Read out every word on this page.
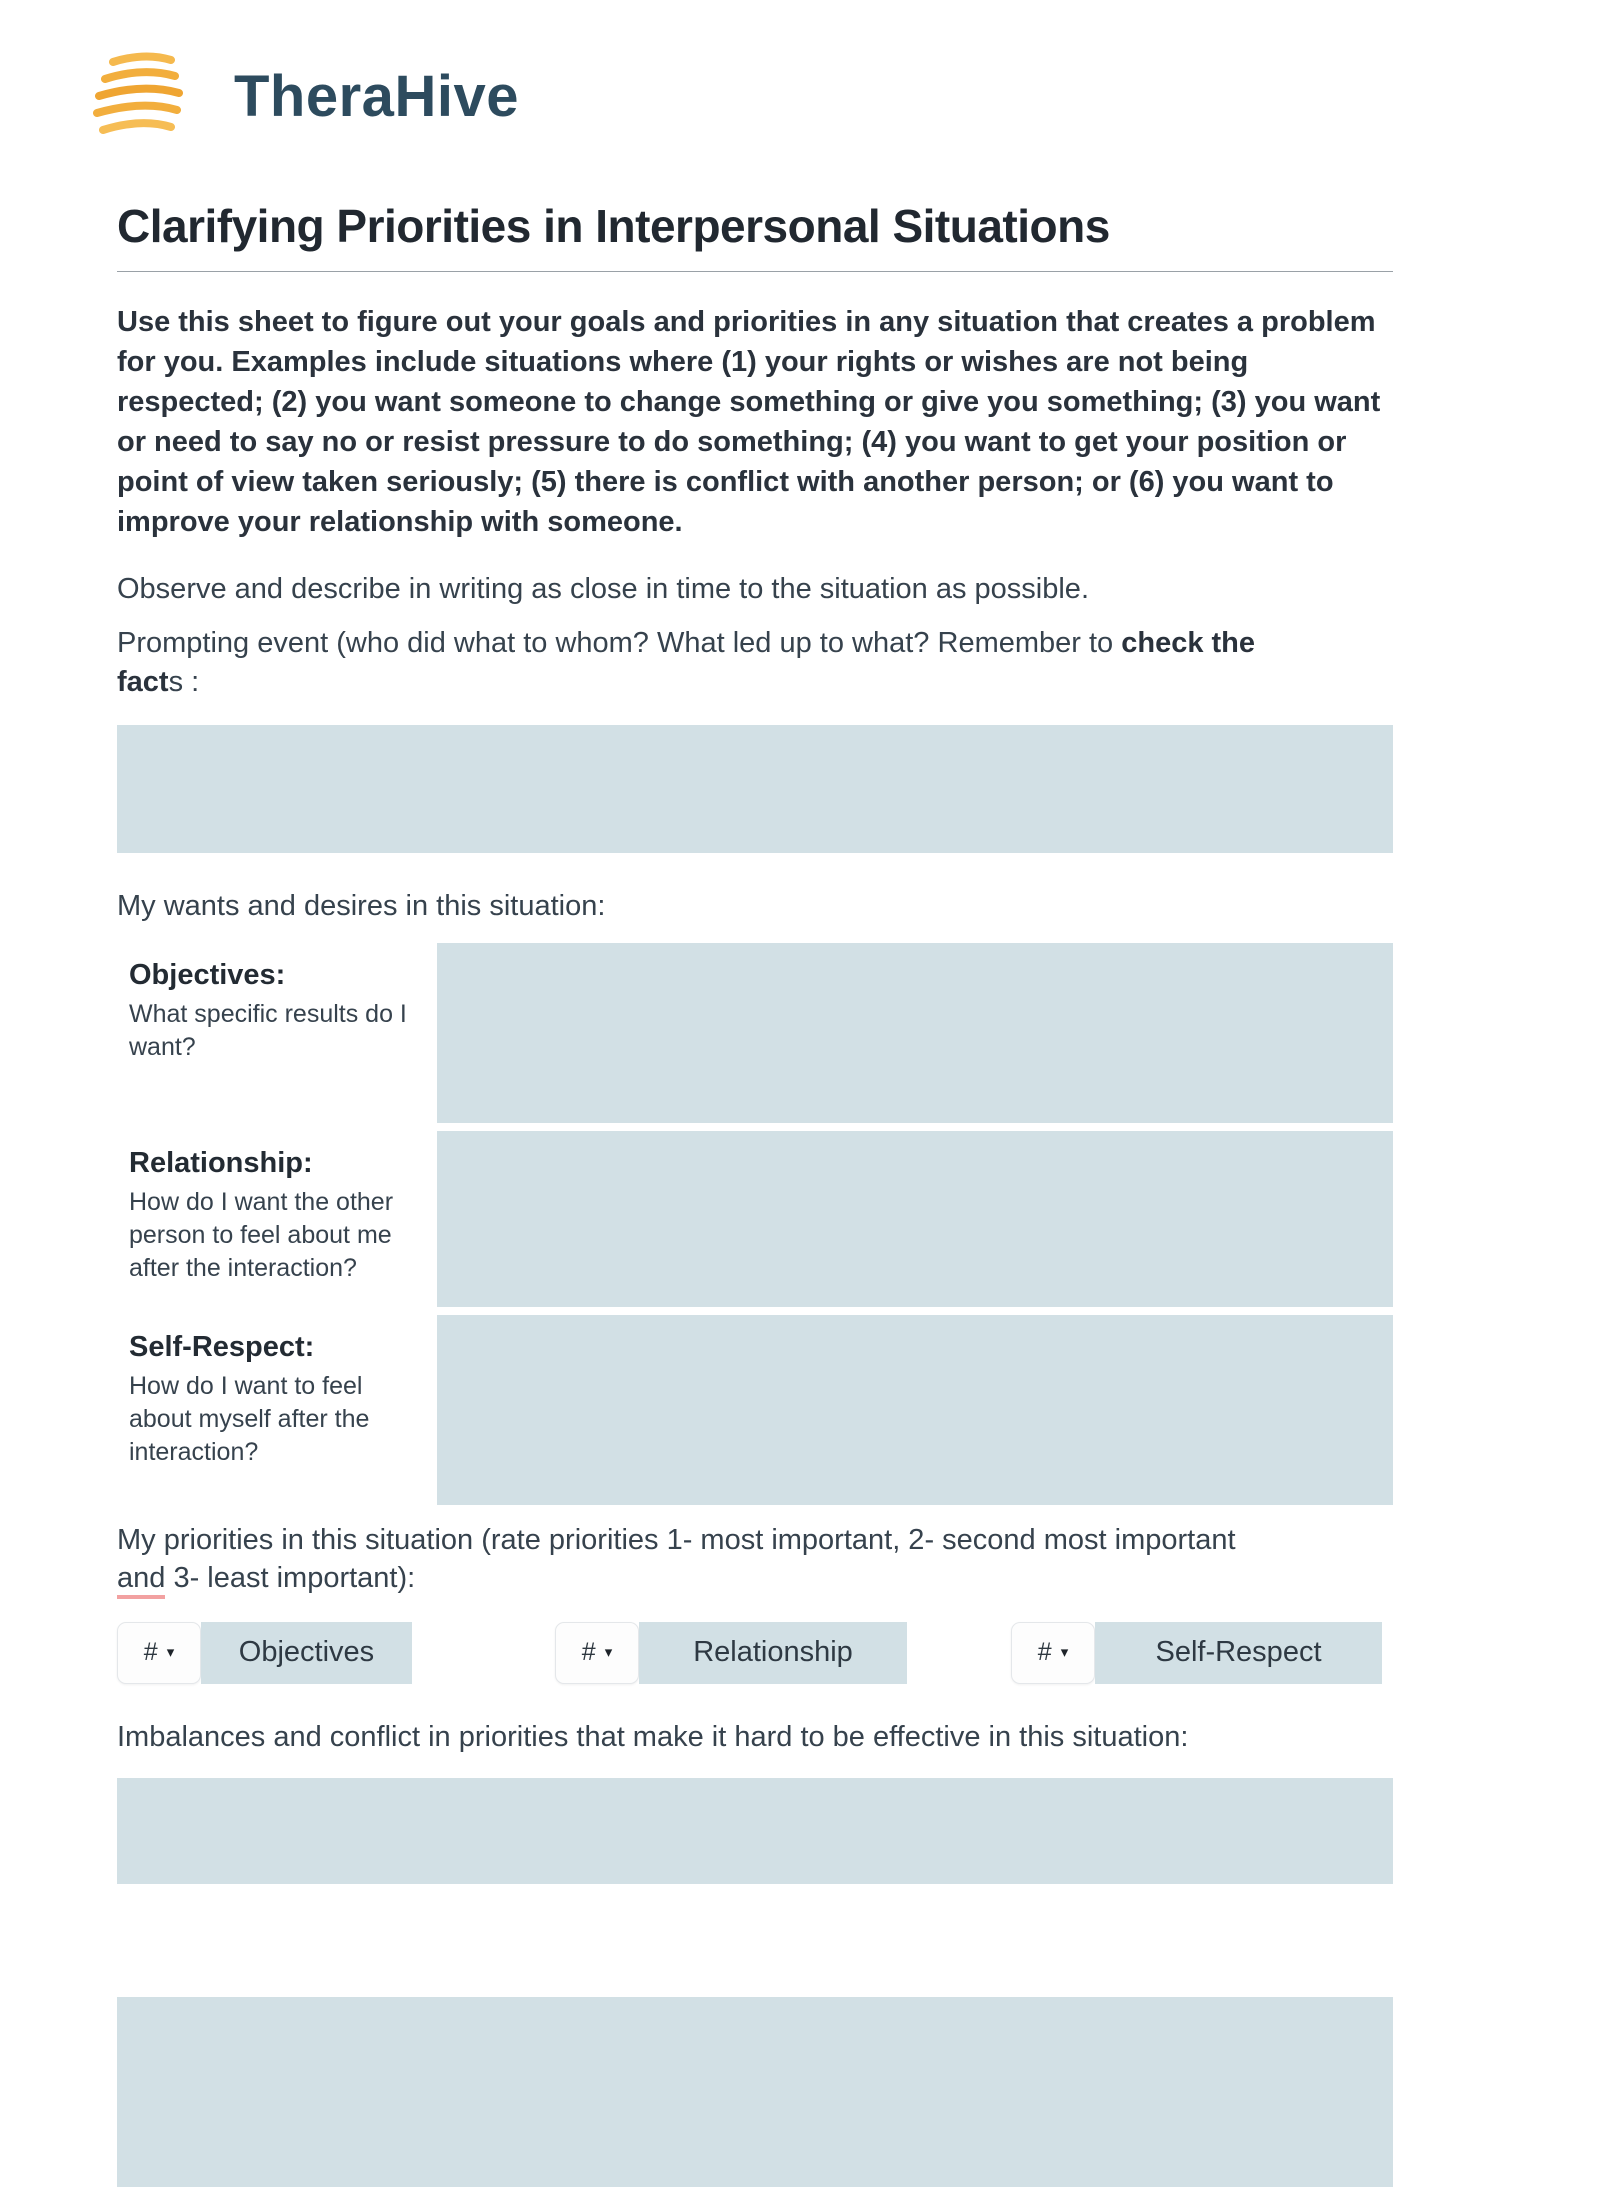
TheraHive
Clarifying Priorities in Interpersonal Situations

Use this sheet to figure out your goals and priorities in any situation that creates a problem for you. Examples include situations where (1) your rights or wishes are not being respected; (2) you want someone to change something or give you something; (3) you want or need to say no or resist pressure to do something; (4) you want to get your position or point of view taken seriously; (5) there is conflict with another person; or (6) you want to improve your relationship with someone.

Observe and describe in writing as close in time to the situation as possible.

Prompting event (who did what to whom? What led up to what? Remember to check the
facts :

My wants and desires in this situation:

Objectives:
What specific results do I want?
Relationship:
How do I want the other person to feel about me after the interaction?
Self-Respect:
How do I want to feel about myself after the interaction?

My priorities in this situation (rate priorities 1- most important, 2- second most important
and 3- least important):

# ▾	Objectives	# ▾	Relationship	# ▾	Self-Respect

Imbalances and conflict in priorities that make it hard to be effective in this situation:
